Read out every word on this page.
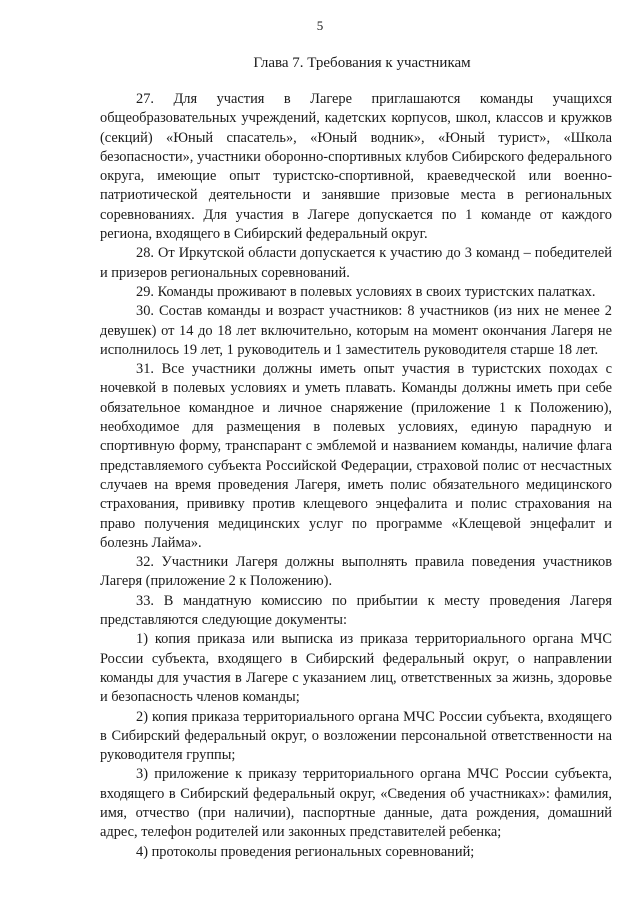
5
Глава 7. Требования к участникам

27. Для участия в Лагере приглашаются команды учащихся общеобразовательных учреждений, кадетских корпусов, школ, классов и кружков (секций) «Юный спасатель», «Юный водник», «Юный турист», «Школа безопасности», участники оборонно-спортивных клубов Сибирского федерального округа, имеющие опыт туристско-спортивной, краеведческой или военно-патриотической деятельности и занявшие призовые места в региональных соревнованиях. Для участия в Лагере допускается по 1 команде от каждого региона, входящего в Сибирский федеральный округ.

28. От Иркутской области допускается к участию до 3 команд – победителей и призеров региональных соревнований.

29. Команды проживают в полевых условиях в своих туристских палатках.

30. Состав команды и возраст участников: 8 участников (из них не менее 2 девушек) от 14 до 18 лет включительно, которым на момент окончания Лагеря не исполнилось 19 лет, 1 руководитель и 1 заместитель руководителя старше 18 лет.

31. Все участники должны иметь опыт участия в туристских походах с ночевкой в полевых условиях и уметь плавать. Команды должны иметь при себе обязательное командное и личное снаряжение (приложение 1 к Положению), необходимое для размещения в полевых условиях, единую парадную и спортивную форму, транспарант с эмблемой и названием команды, наличие флага представляемого субъекта Российской Федерации, страховой полис от несчастных случаев на время проведения Лагеря, иметь полис обязательного медицинского страхования, прививку против клещевого энцефалита и полис страхования на право получения медицинских услуг по программе «Клещевой энцефалит и болезнь Лайма».

32. Участники Лагеря должны выполнять правила поведения участников Лагеря (приложение 2 к Положению).

33. В мандатную комиссию по прибытии к месту проведения Лагеря представляются следующие документы:

1) копия приказа или выписка из приказа территориального органа МЧС России субъекта, входящего в Сибирский федеральный округ, о направлении команды для участия в Лагере с указанием лиц, ответственных за жизнь, здоровье и безопасность членов команды;

2) копия приказа территориального органа МЧС России субъекта, входящего в Сибирский федеральный округ, о возложении персональной ответственности на руководителя группы;

3) приложение к приказу территориального органа МЧС России субъекта, входящего в Сибирский федеральный округ, «Сведения об участниках»: фамилия, имя, отчество (при наличии), паспортные данные, дата рождения, домашний адрес, телефон родителей или законных представителей ребенка;

4) протоколы проведения региональных соревнований;
